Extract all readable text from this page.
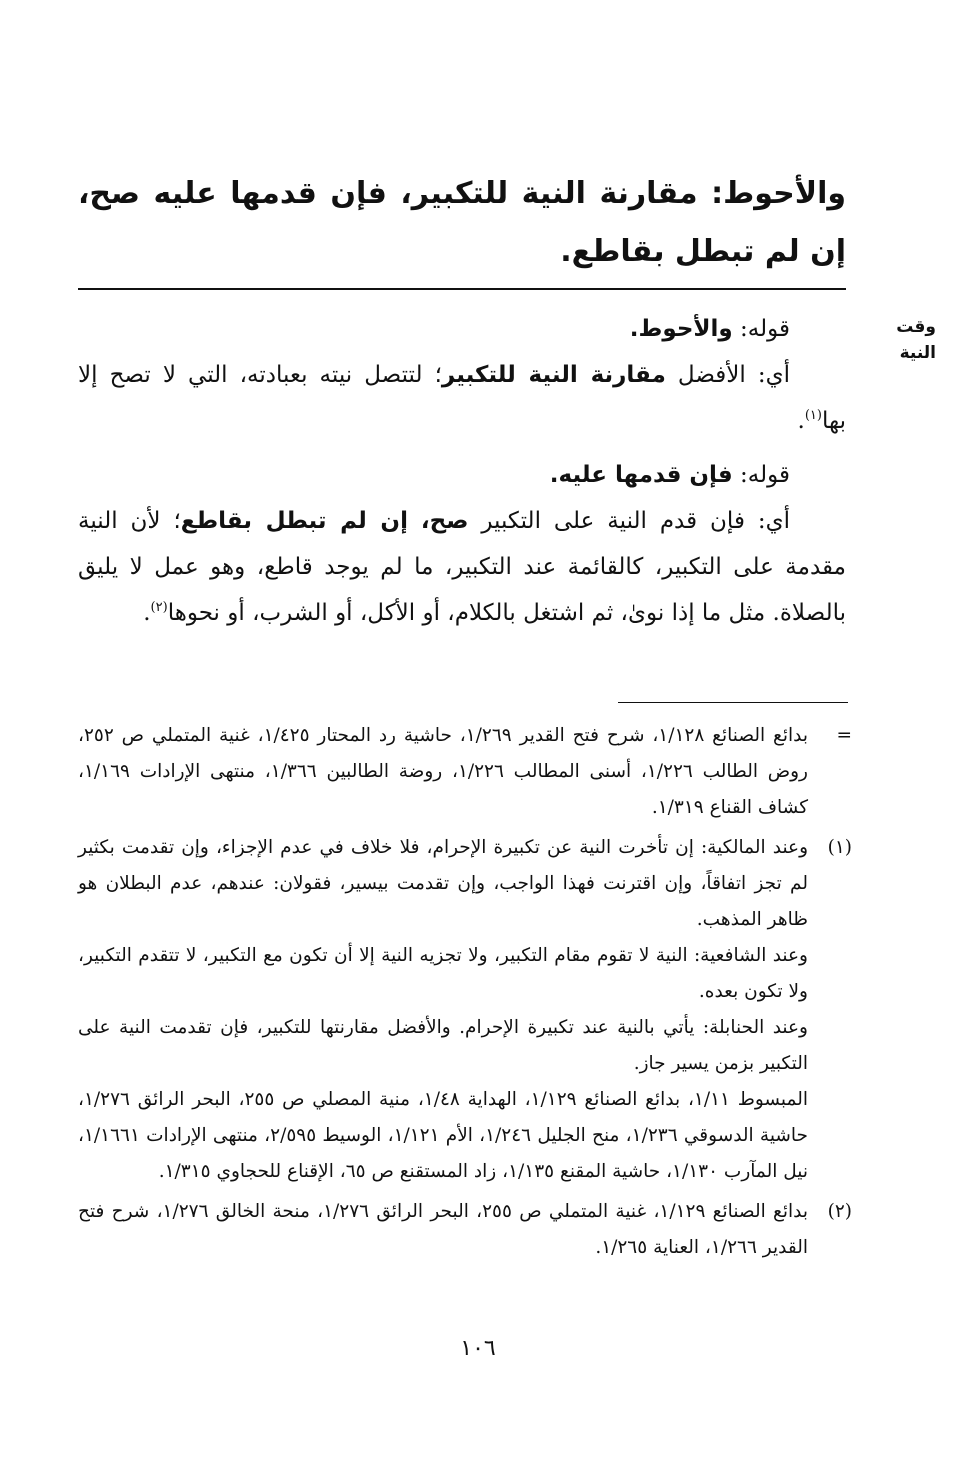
والأحوط: مقارنة النية للتكبير، فإن قدمها عليه صح، إن لم تبطل بقاطع.
وقت النية

قوله: والأحوط.

أي: الأفضل مقارنة النية للتكبير؛ لتتصل نيته بعبادته، التي لا تصح إلا بها$^{(١)}$.

قوله: فإن قدمها عليه.

أي: فإن قدم النية على التكبير صح، إن لم تبطل بقاطع؛ لأن النية مقدمة على التكبير، كالقائمة عند التكبير، ما لم يوجد قاطع، وهو عمل لا يليق بالصلاة. مثل ما إذا نوىٰ، ثم اشتغل بالكلام، أو الأكل، أو الشرب، أو نحوها$^{(٢)}$.

=

بدائع الصنائع ١/١٢٨، شرح فتح القدير ١/٢٦٩، حاشية رد المحتار ١/٤٢٥، غنية المتملي ص ٢٥٢، روض الطالب ١/٢٢٦، أسنى المطالب ١/٢٢٦، روضة الطالبين ١/٣٦٦، منتهى الإرادات ١/١٦٩، كشاف القناع ١/٣١٩.

(١)

وعند المالكية: إن تأخرت النية عن تكبيرة الإحرام، فلا خلاف في عدم الإجزاء، وإن تقدمت بكثير لم تجز اتفاقاً، وإن اقترنت فهذا الواجب، وإن تقدمت بيسير، فقولان: عندهم، عدم البطلان هو ظاهر المذهب.

وعند الشافعية: النية لا تقوم مقام التكبير، ولا تجزيه النية إلا أن تكون مع التكبير، لا تتقدم التكبير، ولا تكون بعده.

وعند الحنابلة: يأتي بالنية عند تكبيرة الإحرام. والأفضل مقارنتها للتكبير، فإن تقدمت النية على التكبير بزمن يسير جاز.

المبسوط ١/١١، بدائع الصنائع ١/١٢٩، الهداية ١/٤٨، منية المصلي ص ٢٥٥، البحر الرائق ١/٢٧٦، حاشية الدسوقي ١/٢٣٦، منح الجليل ١/٢٤٦، الأم ١/١٢١، الوسيط ٢/٥٩٥، منتهى الإرادات ١/١٦٦١، نيل المآرب ١/١٣٠، حاشية المقنع ١/١٣٥، زاد المستقنع ص ٦٥، الإقناع للحجاوي ١/٣١٥.

(٢)

بدائع الصنائع ١/١٢٩، غنية المتملي ص ٢٥٥، البحر الرائق ١/٢٧٦، منحة الخالق ١/٢٧٦، شرح فتح القدير ١/٢٦٦، العناية ١/٢٦٥.

١٠٦
